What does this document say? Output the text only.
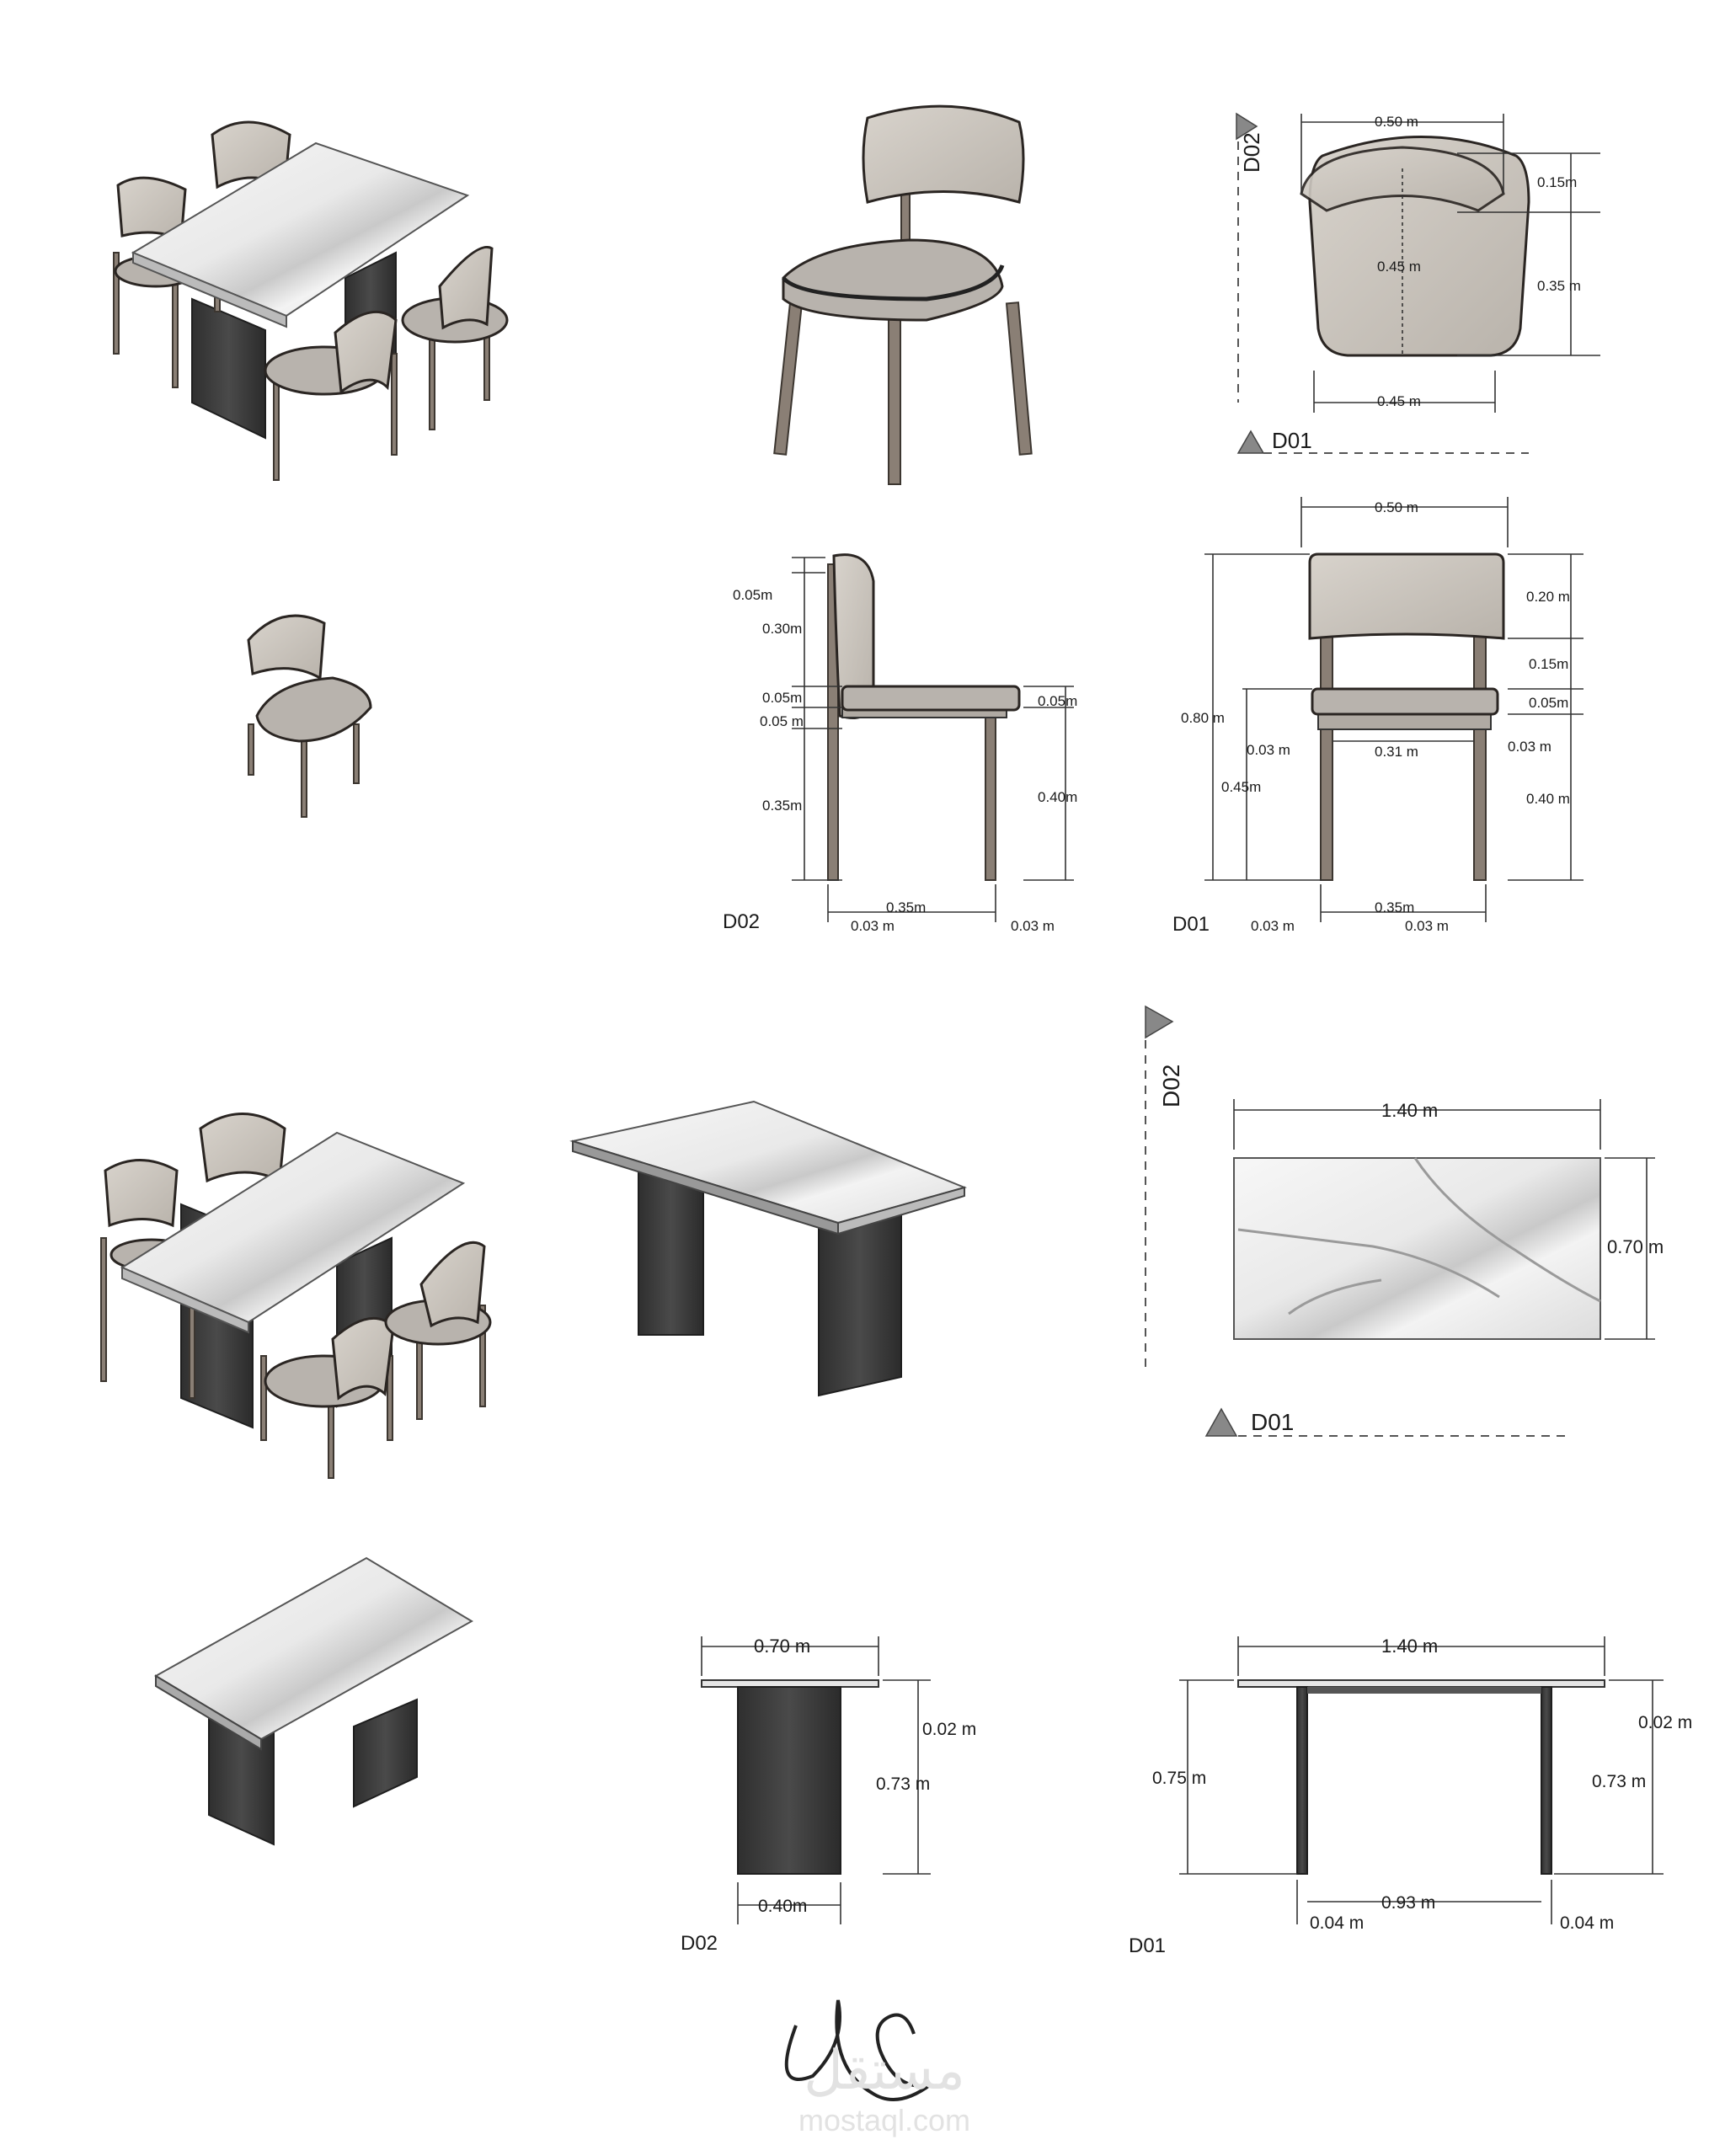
D02
0.50 m
0.15m
0.35 m
0.45 m
0.45 m
D01
0.05m
0.30m
0.05m
0.05 m
0.35m
0.05m
0.40m
0.35m
0.03 m	0.03 m
D02
0.50 m
0.20 m
0.15m
0.05m
0.40 m
0.80 m
0.45m
0.03 m	0.31 m	0.03 m
0.35m
0.03 m	0.03 m
D01
D02
1.40 m
0.70 m
D01
0.70 m
0.02 m
0.73 m
0.40m
D02
1.40 m
0.75 m
0.02 m
0.73 m
0.93 m
0.04 m	0.04 m
D01
مستقل
mostaql.com
